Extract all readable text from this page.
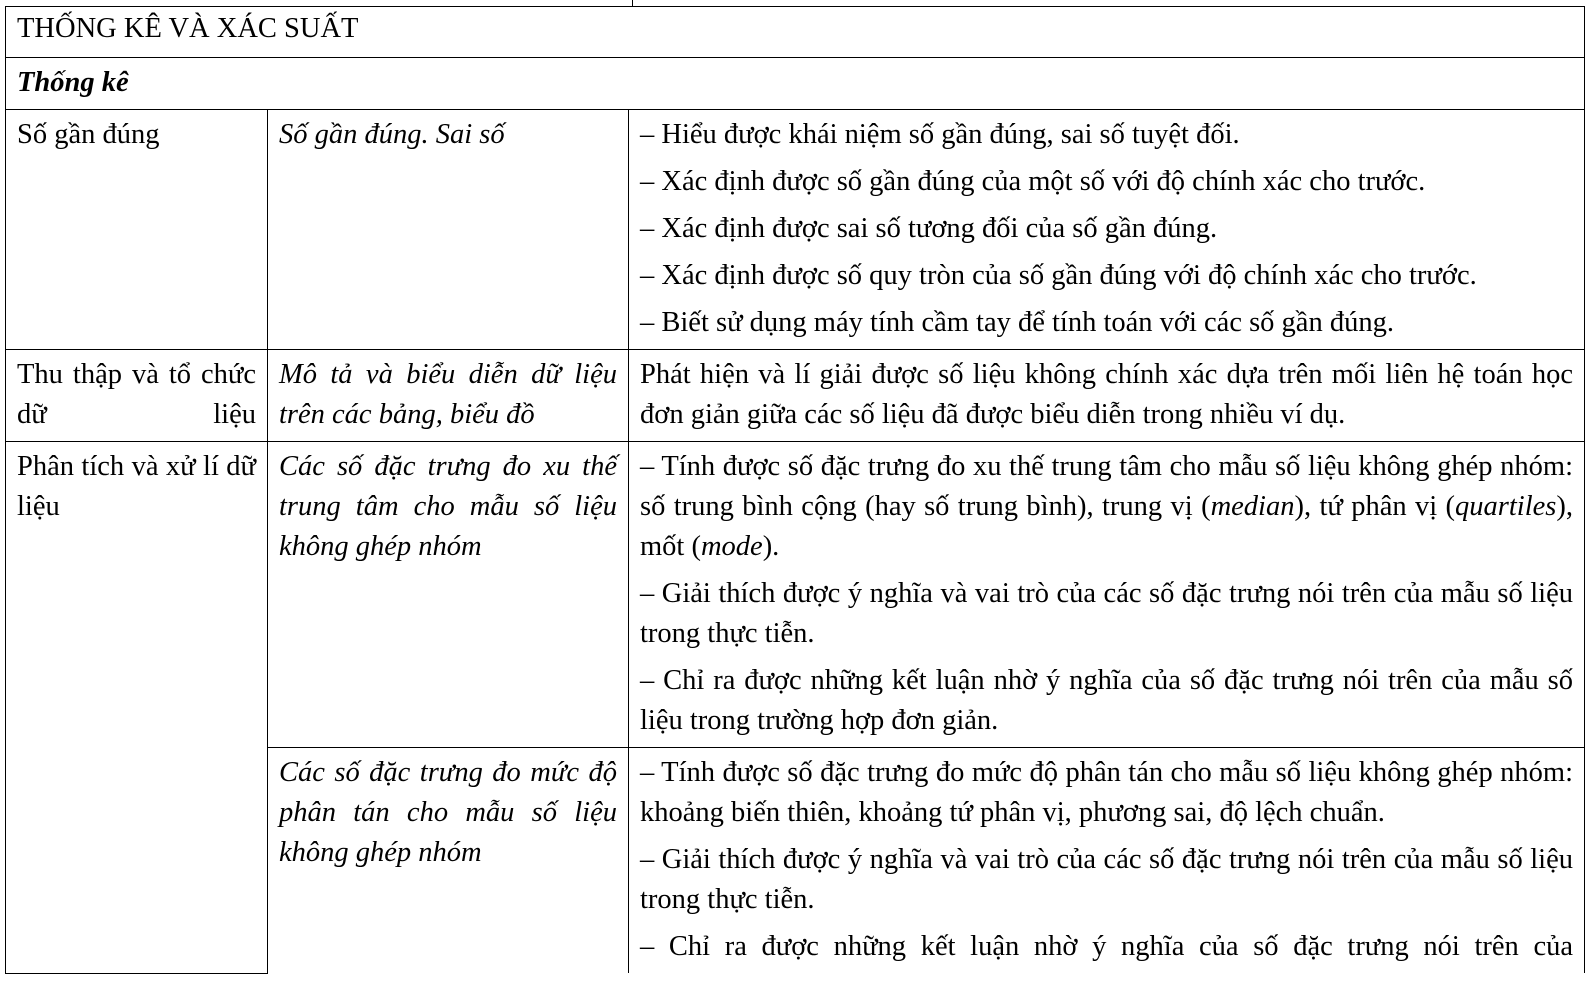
THỐNG KÊ VÀ XÁC SUẤT		
Thống kê		
Số gần đúng	Số gần đúng. Sai số	– Hiểu được khái niệm số gần đúng, sai số tuyệt đối.
– Xác định được số gần đúng của một số với độ chính xác cho trước.
– Xác định được sai số tương đối của số gần đúng.
– Xác định được số quy tròn của số gần đúng với độ chính xác cho trước.
– Biết sử dụng máy tính cầm tay để tính toán với các số gần đúng.

Thu thập và tổ chức dữ liệu	Mô tả và biểu diễn dữ liệu trên các bảng, biểu đồ	Phát hiện và lí giải được số liệu không chính xác dựa trên mối liên hệ toán học đơn giản giữa các số liệu đã được biểu diễn trong nhiều ví dụ.

Phân tích và xử lí dữ liệu	Các số đặc trưng đo xu thế trung tâm cho mẫu số liệu không ghép nhóm	– Tính được số đặc trưng đo xu thế trung tâm cho mẫu số liệu không ghép nhóm: số trung bình cộng (hay số trung bình), trung vị (median), tứ phân vị (quartiles), mốt (mode).
– Giải thích được ý nghĩa và vai trò của các số đặc trưng nói trên của mẫu số liệu trong thực tiễn.
– Chỉ ra được những kết luận nhờ ý nghĩa của số đặc trưng nói trên của mẫu số liệu trong trường hợp đơn giản.

	Các số đặc trưng đo mức độ phân tán cho mẫu số liệu không ghép nhóm	– Tính được số đặc trưng đo mức độ phân tán cho mẫu số liệu không ghép nhóm: khoảng biến thiên, khoảng tứ phân vị, phương sai, độ lệch chuẩn.
– Giải thích được ý nghĩa và vai trò của các số đặc trưng nói trên của mẫu số liệu trong thực tiễn.
– Chỉ ra được những kết luận nhờ ý nghĩa của số đặc trưng nói trên của
